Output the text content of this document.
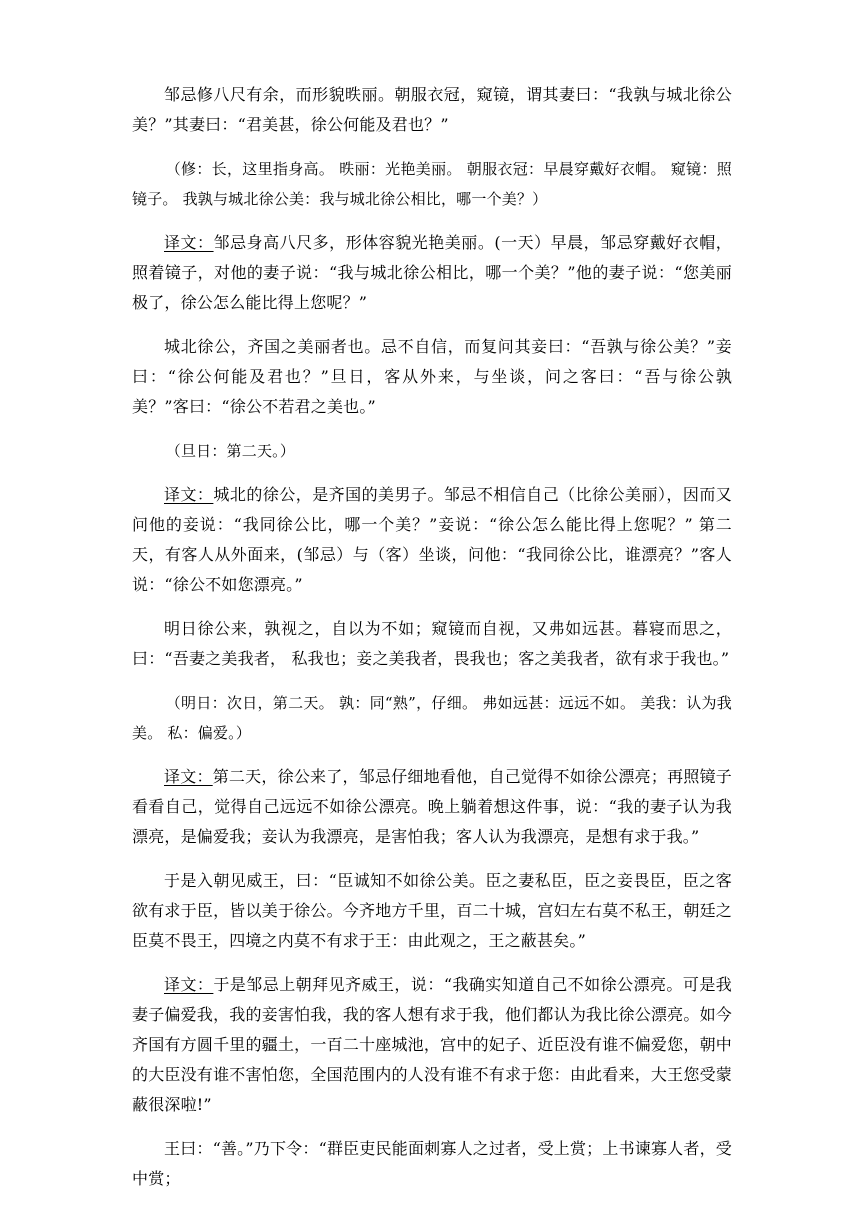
邹忌修八尺有余，而形貌昳丽。朝服衣冠，窥镜，谓其妻曰：“我孰与城北徐公美？”其妻曰：“君美甚，徐公何能及君也？”

（修：长，这里指身高。 昳丽：光艳美丽。 朝服衣冠：早晨穿戴好衣帽。 窥镜：照镜子。 我孰与城北徐公美：我与城北徐公相比，哪一个美？）

译文：邹忌身高八尺多，形体容貌光艳美丽。(一天）早晨，邹忌穿戴好衣帽，照着镜子，对他的妻子说：“我与城北徐公相比，哪一个美？”他的妻子说：“您美丽极了，徐公怎么能比得上您呢？”

城北徐公，齐国之美丽者也。忌不自信，而复问其妾曰：“吾孰与徐公美？”妾曰：“徐公何能及君也？”旦日，客从外来，与坐谈，问之客曰：“吾与徐公孰美？”客曰：“徐公不若君之美也。”

（旦日：第二天。）

译文：城北的徐公，是齐国的美男子。邹忌不相信自己（比徐公美丽），因而又问他的妾说：“我同徐公比，哪一个美？”妾说：“徐公怎么能比得上您呢？” 第二天，有客人从外面来，(邹忌）与（客）坐谈，问他：“我同徐公比，谁漂亮？”客人说：“徐公不如您漂亮。”

明日徐公来，孰视之，自以为不如；窥镜而自视，又弗如远甚。暮寝而思之，曰：“吾妻之美我者， 私我也；妾之美我者，畏我也；客之美我者，欲有求于我也。”

（明日：次日，第二天。 孰：同“熟”，仔细。 弗如远甚：远远不如。 美我：认为我美。 私：偏爱。）

译文：第二天，徐公来了，邹忌仔细地看他，自己觉得不如徐公漂亮；再照镜子看看自己，觉得自己远远不如徐公漂亮。晚上躺着想这件事，说：“我的妻子认为我漂亮，是偏爱我；妾认为我漂亮，是害怕我；客人认为我漂亮，是想有求于我。”

于是入朝见威王，曰：“臣诚知不如徐公美。臣之妻私臣，臣之妾畏臣，臣之客欲有求于臣，皆以美于徐公。今齐地方千里，百二十城，宫妇左右莫不私王，朝廷之臣莫不畏王，四境之内莫不有求于王：由此观之，王之蔽甚矣。”

译文：于是邹忌上朝拜见齐威王，说：“我确实知道自己不如徐公漂亮。可是我妻子偏爱我，我的妾害怕我，我的客人想有求于我，他们都认为我比徐公漂亮。如今齐国有方圆千里的疆土，一百二十座城池，宫中的妃子、近臣没有谁不偏爱您，朝中的大臣没有谁不害怕您，全国范围内的人没有谁不有求于您：由此看来，大王您受蒙蔽很深啦!”

王曰：“善。”乃下令：“群臣吏民能面刺寡人之过者，受上赏；上书谏寡人者，受中赏；
